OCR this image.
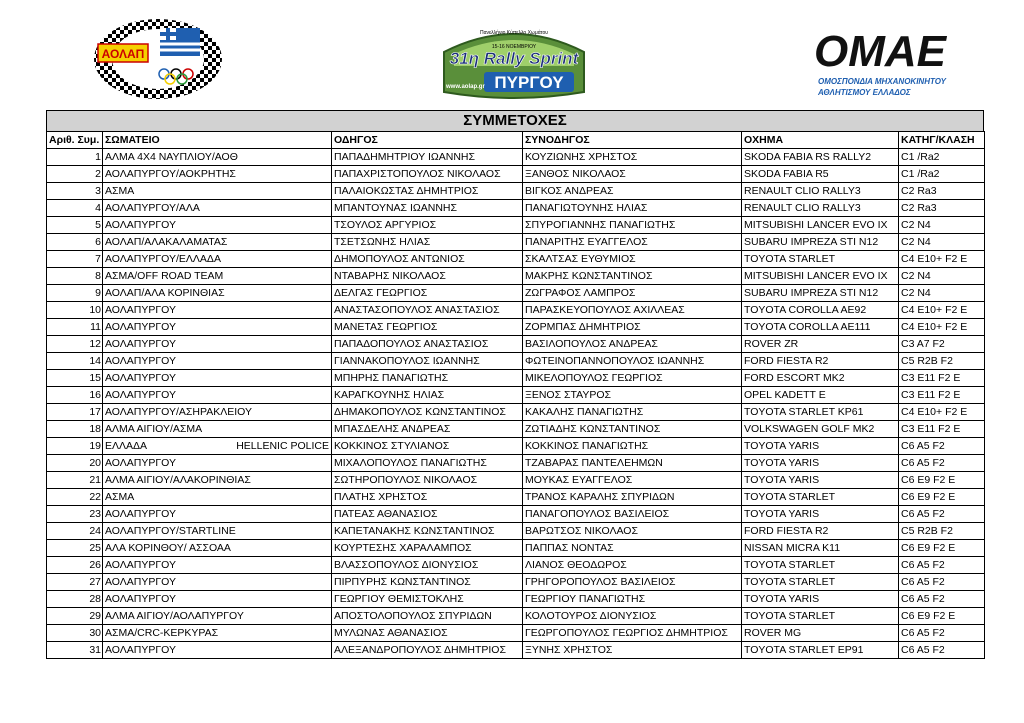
ΑΟΛΑΠ
Πανελλήνιο Κύπελλο Χωμάτου
15-16 ΝΟΕΜΒΡΙΟΥ
31η Rally Sprint
ΠΥΡΓΟΥ
www.aolap.gr
OMAE
ΟΜΟΣΠΟΝΔΙΑ ΜΗΧΑΝΟΚΙΝΗΤΟΥ
ΑΘΛΗΤΙΣΜΟΥ ΕΛΛΑΔΟΣ
ΣΥΜΜΕΤΟΧΕΣ
Αριθ. Συμ.	ΣΩΜΑΤΕΙΟ	ΟΔΗΓΟΣ	ΣΥΝΟΔΗΓΟΣ	ΟΧΗΜΑ	ΚΑΤΗΓ/ΚΛΑΣΗ
1	ΑΛΜΑ 4Χ4 ΝΑΥΠΛΙΟΥ/ΑΟΘ	ΠΑΠΑΔΗΜΗΤΡΙΟΥ ΙΩΑΝΝΗΣ	ΚΟΥΖΙΩΝΗΣ ΧΡΗΣΤΟΣ	SKODA FABIA RS RALLY2	C1 /Ra2
2	ΑΟΛΑΠΥΡΓΟΥ/ΑΟΚΡΗΤΗΣ	ΠΑΠΑΧΡΙΣΤΟΠΟΥΛΟΣ ΝΙΚΟΛΑΟΣ	ΞΑΝΘΟΣ ΝΙΚΟΛΑΟΣ	SKODA FABIA R5	C1 /Ra2
3	ΑΣΜΑ	ΠΑΛΑΙΟΚΩΣΤΑΣ ΔΗΜΗΤΡΙΟΣ	ΒΙΓΚΟΣ ΑΝΔΡΕΑΣ	RENAULT CLIO RALLY3	C2 Ra3
4	ΑΟΛΑΠΥΡΓΟΥ/ΑΛΑ	ΜΠΑΝΤΟΥΝΑΣ ΙΩΑΝΝΗΣ	ΠΑΝΑΓΙΩΤΟΥΝΗΣ ΗΛΙΑΣ	RENAULT CLIO RALLY3	C2 Ra3
5	ΑΟΛΑΠΥΡΓΟΥ	ΤΣΟΥΛΟΣ ΑΡΓΥΡΙΟΣ	ΣΠΥΡΟΓΙΑΝΝΗΣ ΠΑΝΑΓΙΩΤΗΣ	MITSUBISHI LANCER EVO IX	C2 N4
6	ΑΟΛΑΠ/ΑΛΑΚΑΛΑΜΑΤΑΣ	ΤΣΕΤΣΩΝΗΣ ΗΛΙΑΣ	ΠΑΝΑΡΙΤΗΣ ΕΥΑΓΓΕΛΟΣ	SUBARU IMPREZA STI N12	C2 N4
7	ΑΟΛΑΠΥΡΓΟΥ/ΕΛΛΑΔΑ	ΔΗΜΟΠΟΥΛΟΣ ΑΝΤΩΝΙΟΣ	ΣΚΑΛΤΣΑΣ ΕΥΘΥΜΙΟΣ	TOYOTA STARLET	C4 E10+ F2 E
8	ΑΣΜΑ/OFF ROAD TEAM	ΝΤΑΒΑΡΗΣ ΝΙΚΟΛΑΟΣ	ΜΑΚΡΗΣ ΚΩΝΣΤΑΝΤΙΝΟΣ	MITSUBISHI LANCER EVO IX	C2 N4
9	ΑΟΛΑΠ/ΑΛΑ ΚΟΡΙΝΘΙΑΣ	ΔΕΛΓΑΣ ΓΕΩΡΓΙΟΣ	ΖΩΓΡΑΦΟΣ ΛΑΜΠΡΟΣ	SUBARU IMPREZA STI N12	C2 N4
10	ΑΟΛΑΠΥΡΓΟΥ	ΑΝΑΣΤΑΣΟΠΟΥΛΟΣ ΑΝΑΣΤΑΣΙΟΣ	ΠΑΡΑΣΚΕΥΟΠΟΥΛΟΣ ΑΧΙΛΛΕΑΣ	TOYOTA COROLLA AE92	C4 E10+ F2 E
11	ΑΟΛΑΠΥΡΓΟΥ	ΜΑΝΕΤΑΣ ΓΕΩΡΓΙΟΣ	ΖΟΡΜΠΑΣ ΔΗΜΗΤΡΙΟΣ	TOYOTA COROLLA AE111	C4 E10+ F2 E
12	ΑΟΛΑΠΥΡΓΟΥ	ΠΑΠΑΔΟΠΟΥΛΟΣ ΑΝΑΣΤΑΣΙΟΣ	ΒΑΣΙΛΟΠΟΥΛΟΣ ΑΝΔΡΕΑΣ	ROVER ZR	C3 A7 F2
14	ΑΟΛΑΠΥΡΓΟΥ	ΓΙΑΝΝΑΚΟΠΟΥΛΟΣ ΙΩΑΝΝΗΣ	ΦΩΤΕΙΝΟΠΑΝΝΟΠΟΥΛΟΣ ΙΩΑΝΝΗΣ	FORD FIESTA R2	C5 R2B F2
15	ΑΟΛΑΠΥΡΓΟΥ	ΜΠΗΡΗΣ ΠΑΝΑΓΙΩΤΗΣ	ΜΙΚΕΛΟΠΟΥΛΟΣ ΓΕΩΡΓΙΟΣ	FORD ESCORT MK2	C3 E11 F2 E
16	ΑΟΛΑΠΥΡΓΟΥ	ΚΑΡΑΓΚΟΥΝΗΣ ΗΛΙΑΣ	ΞΕΝΟΣ ΣΤΑΥΡΟΣ	OPEL KADETT E	C3 E11 F2 E
17	ΑΟΛΑΠΥΡΓΟΥ/ΑΣΗΡΑΚΛΕΙΟΥ	ΔΗΜΑΚΟΠΟΥΛΟΣ ΚΩΝΣΤΑΝΤΙΝΟΣ	ΚΑΚΑΛΗΣ ΠΑΝΑΓΙΩΤΗΣ	TOYOTA STARLET KP61	C4 E10+ F2 E
18	ΑΛΜΑ ΑΙΓΙΟΥ/ΑΣΜΑ	ΜΠΑΣΔΕΛΗΣ ΑΝΔΡΕΑΣ	ΖΩΤΙΑΔΗΣ ΚΩΝΣΤΑΝΤΙΝΟΣ	VOLKSWAGEN GOLF MK2	C3 E11 F2 E
19	ΕΛΛΑΔΑ HELLENIC POLICE	ΚΟΚΚΙΝΟΣ ΣΤΥΛΙΑΝΟΣ	ΚΟΚΚΙΝΟΣ ΠΑΝΑΓΙΩΤΗΣ	TOYOTA YARIS	C6 A5 F2
20	ΑΟΛΑΠΥΡΓΟΥ	ΜΙΧΑΛΟΠΟΥΛΟΣ ΠΑΝΑΓΙΩΤΗΣ	ΤΖΑΒΑΡΑΣ ΠΑΝΤΕΛΕΗΜΩΝ	TOYOTA YARIS	C6 A5 F2
21	ΑΛΜΑ ΑΙΓΙΟΥ/ΑΛΑΚΟΡΙΝΘΙΑΣ	ΣΩΤΗΡΟΠΟΥΛΟΣ ΝΙΚΟΛΑΟΣ	ΜΟΥΚΑΣ ΕΥΑΓΓΕΛΟΣ	TOYOTA YARIS	C6 E9 F2 E
22	ΑΣΜΑ	ΠΛΑΤΗΣ ΧΡΗΣΤΟΣ	ΤΡΑΝΟΣ ΚΑΡΑΛΗΣ ΣΠΥΡΙΔΩΝ	TOYOTA STARLET	C6 E9 F2 E
23	ΑΟΛΑΠΥΡΓΟΥ	ΠΑΤΕΑΣ ΑΘΑΝΑΣΙΟΣ	ΠΑΝΑΓΟΠΟΥΛΟΣ ΒΑΣΙΛΕΙΟΣ	TOYOTA YARIS	C6 A5 F2
24	ΑΟΛΑΠΥΡΓΟΥ/STARTLINE	ΚΑΠΕΤΑΝΑΚΗΣ ΚΩΝΣΤΑΝΤΙΝΟΣ	ΒΑΡΩΤΣΟΣ ΝΙΚΟΛΑΟΣ	FORD FIESTA R2	C5 R2B F2
25	ΑΛΑ ΚΟΡΙΝΘΟΥ/ ΑΣΣΟΑΑ	ΚΟΥΡΤΕΣΗΣ ΧΑΡΑΛΑΜΠΟΣ	ΠΑΠΠΑΣ ΝΟΝΤΑΣ	NISSAN MICRA K11	C6 E9 F2 E
26	ΑΟΛΑΠΥΡΓΟΥ	ΒΛΑΣΣΟΠΟΥΛΟΣ ΔΙΟΝΥΣΙΟΣ	ΛΙΑΝΟΣ ΘΕΟΔΩΡΟΣ	TOYOTA STARLET	C6 A5 F2
27	ΑΟΛΑΠΥΡΓΟΥ	ΠΙΡΠΥΡΗΣ ΚΩΝΣΤΑΝΤΙΝΟΣ	ΓΡΗΓΟΡΟΠΟΥΛΟΣ ΒΑΣΙΛΕΙΟΣ	TOYOTA STARLET	C6 A5 F2
28	ΑΟΛΑΠΥΡΓΟΥ	ΓΕΩΡΓΙΟΥ ΘΕΜΙΣΤΟΚΛΗΣ	ΓΕΩΡΓΙΟΥ ΠΑΝΑΓΙΩΤΗΣ	TOYOTA YARIS	C6 A5 F2
29	ΑΛΜΑ ΑΙΓΙΟΥ/ΑΟΛΑΠΥΡΓΟΥ	ΑΠΟΣΤΟΛΟΠΟΥΛΟΣ ΣΠΥΡΙΔΩΝ	ΚΟΛΟΤΟΥΡΟΣ ΔΙΟΝΥΣΙΟΣ	TOYOTA STARLET	C6 E9 F2 E
30	ΑΣΜΑ/CRC-ΚΕΡΚΥΡΑΣ	ΜΥΛΩΝΑΣ ΑΘΑΝΑΣΙΟΣ	ΓΕΩΡΓΟΠΟΥΛΟΣ ΓΕΩΡΓΙΟΣ ΔΗΜΗΤΡΙΟΣ	ROVER MG	C6 A5 F2
31	ΑΟΛΑΠΥΡΓΟΥ	ΑΛΕΞΑΝΔΡΟΠΟΥΛΟΣ ΔΗΜΗΤΡΙΟΣ	ΞΥΝΗΣ ΧΡΗΣΤΟΣ	TOYOTA STARLET EP91	C6 A5 F2
